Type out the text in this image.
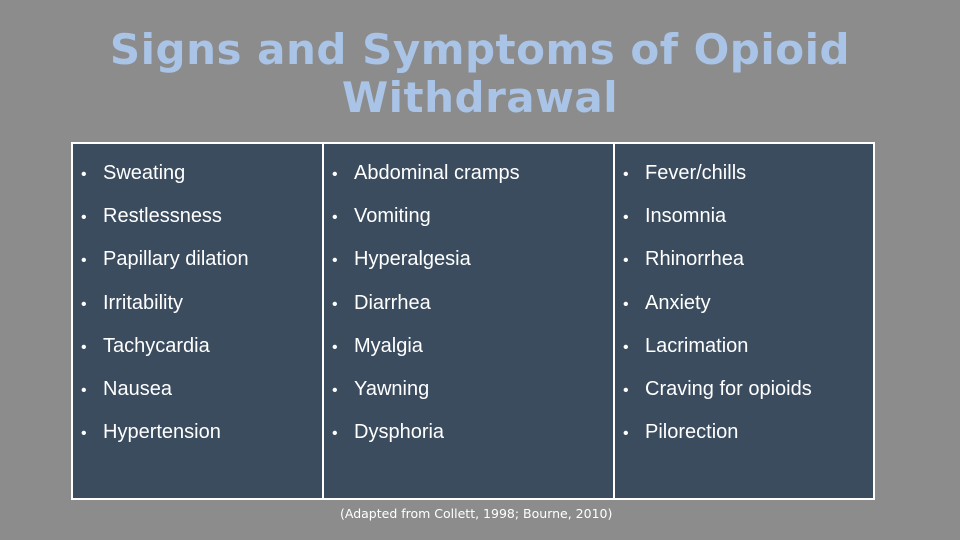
Signs and Symptoms of Opioid
Withdrawal
• Sweating
• Restlessness
• Papillary dilation
• Irritability
• Tachycardia
• Nausea
• Hypertension
• Abdominal cramps
• Vomiting
• Hyperalgesia
• Diarrhea
• Myalgia
• Yawning
• Dysphoria
• Fever/chills
• Insomnia
• Rhinorrhea
• Anxiety
• Lacrimation
• Craving for opioids
• Pilorection
(Adapted from Collett, 1998; Bourne, 2010)
